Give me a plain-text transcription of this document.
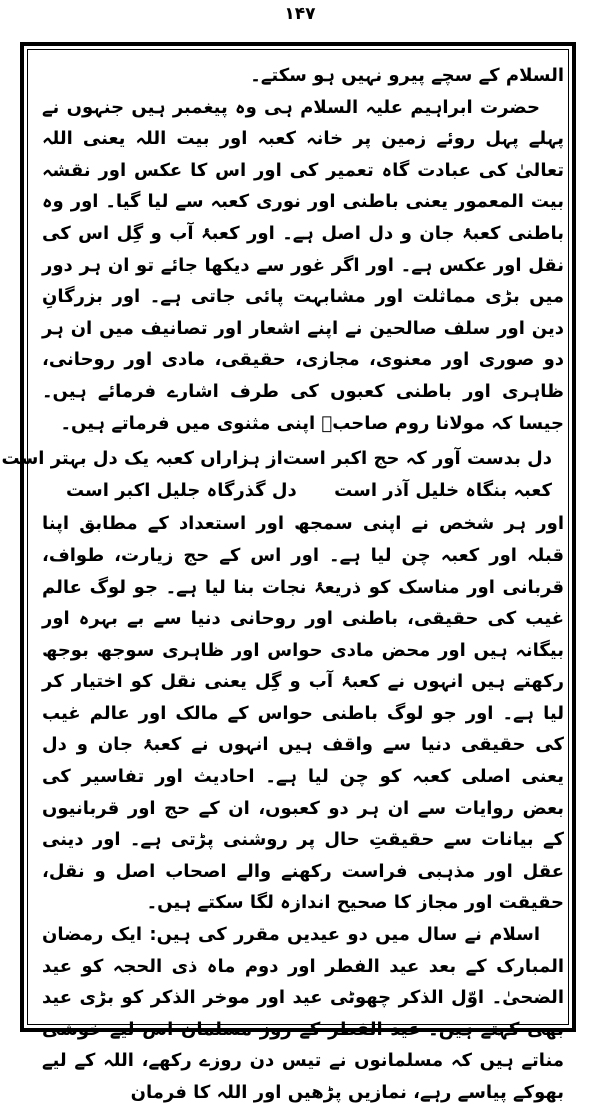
۱۴۷

السلام کے سچے پیرو نہیں ہو سکتے۔

حضرت ابراہیم علیہ السلام ہی وہ پیغمبر ہیں جنہوں نے پہلے پہل روئے زمین پر خانہ کعبہ اور بیت اللہ یعنی اللہ تعالیٰ کی عبادت گاہ تعمیر کی اور اس کا عکس اور نقشہ بیت المعمور یعنی باطنی اور نوری کعبہ سے لیا گیا۔ اور وہ باطنی کعبۂ جان و دل اصل ہے۔ اور کعبۂ آب و گِل اس کی نقل اور عکس ہے۔ اور اگر غور سے دیکھا جائے تو ان ہر دور میں بڑی مماثلت اور مشابہت پائی جاتی ہے۔ اور بزرگانِ دین اور سلف صالحین نے اپنے اشعار اور تصانیف میں ان ہر دو صوری اور معنوی، مجازی، حقیقی، مادی اور روحانی، ظاہری اور باطنی کعبوں کی طرف اشارے فرمائے ہیں۔ جیسا کہ مولانا روم صاحبؒ اپنی مثنوی میں فرماتے ہیں۔

دل بدست آور کہ حج اکبر است
از ہزاراں کعبہ یک دل بہتر است
کعبہ بنگاہ خلیل آذر است
دل گذرگاہ جلیل اکبر است

اور ہر شخص نے اپنی سمجھ اور استعداد کے مطابق اپنا قبلہ اور کعبہ چن لیا ہے۔ اور اس کے حج زیارت، طواف، قربانی اور مناسک کو ذریعۂ نجات بنا لیا ہے۔ جو لوگ عالم غیب کی حقیقی، باطنی اور روحانی دنیا سے بے بہرہ اور بیگانہ ہیں اور محض مادی حواس اور ظاہری سوجھ بوجھ رکھتے ہیں انہوں نے کعبۂ آب و گِل یعنی نقل کو اختیار کر لیا ہے۔ اور جو لوگ باطنی حواس کے مالک اور عالم غیب کی حقیقی دنیا سے واقف ہیں انہوں نے کعبۂ جان و دل یعنی اصلی کعبہ کو چن لیا ہے۔ احادیث اور تفاسیر کی بعض روایات سے ان ہر دو کعبوں، ان کے حج اور قربانیوں کے بیانات سے حقیقتِ حال پر روشنی پڑتی ہے۔ اور دینی عقل اور مذہبی فراست رکھنے والے اصحاب اصل و نقل، حقیقت اور مجاز کا صحیح اندازہ لگا سکتے ہیں۔

اسلام نے سال میں دو عیدیں مقرر کی ہیں: ایک رمضان المبارک کے بعد عید الفطر اور دوم ماہ ذی الحجہ کو عید الضحیٰ۔ اوّل الذکر چھوٹی عید اور موخر الذکر کو بڑی عید بھی کہتے ہیں۔ عید الفطر کے روز مسلمان اس لیے خوشی مناتے ہیں کہ مسلمانوں نے تیس دن روزے رکھے، اللہ کے لیے بھوکے پیاسے رہے، نمازیں پڑھیں اور اللہ کا فرمان
